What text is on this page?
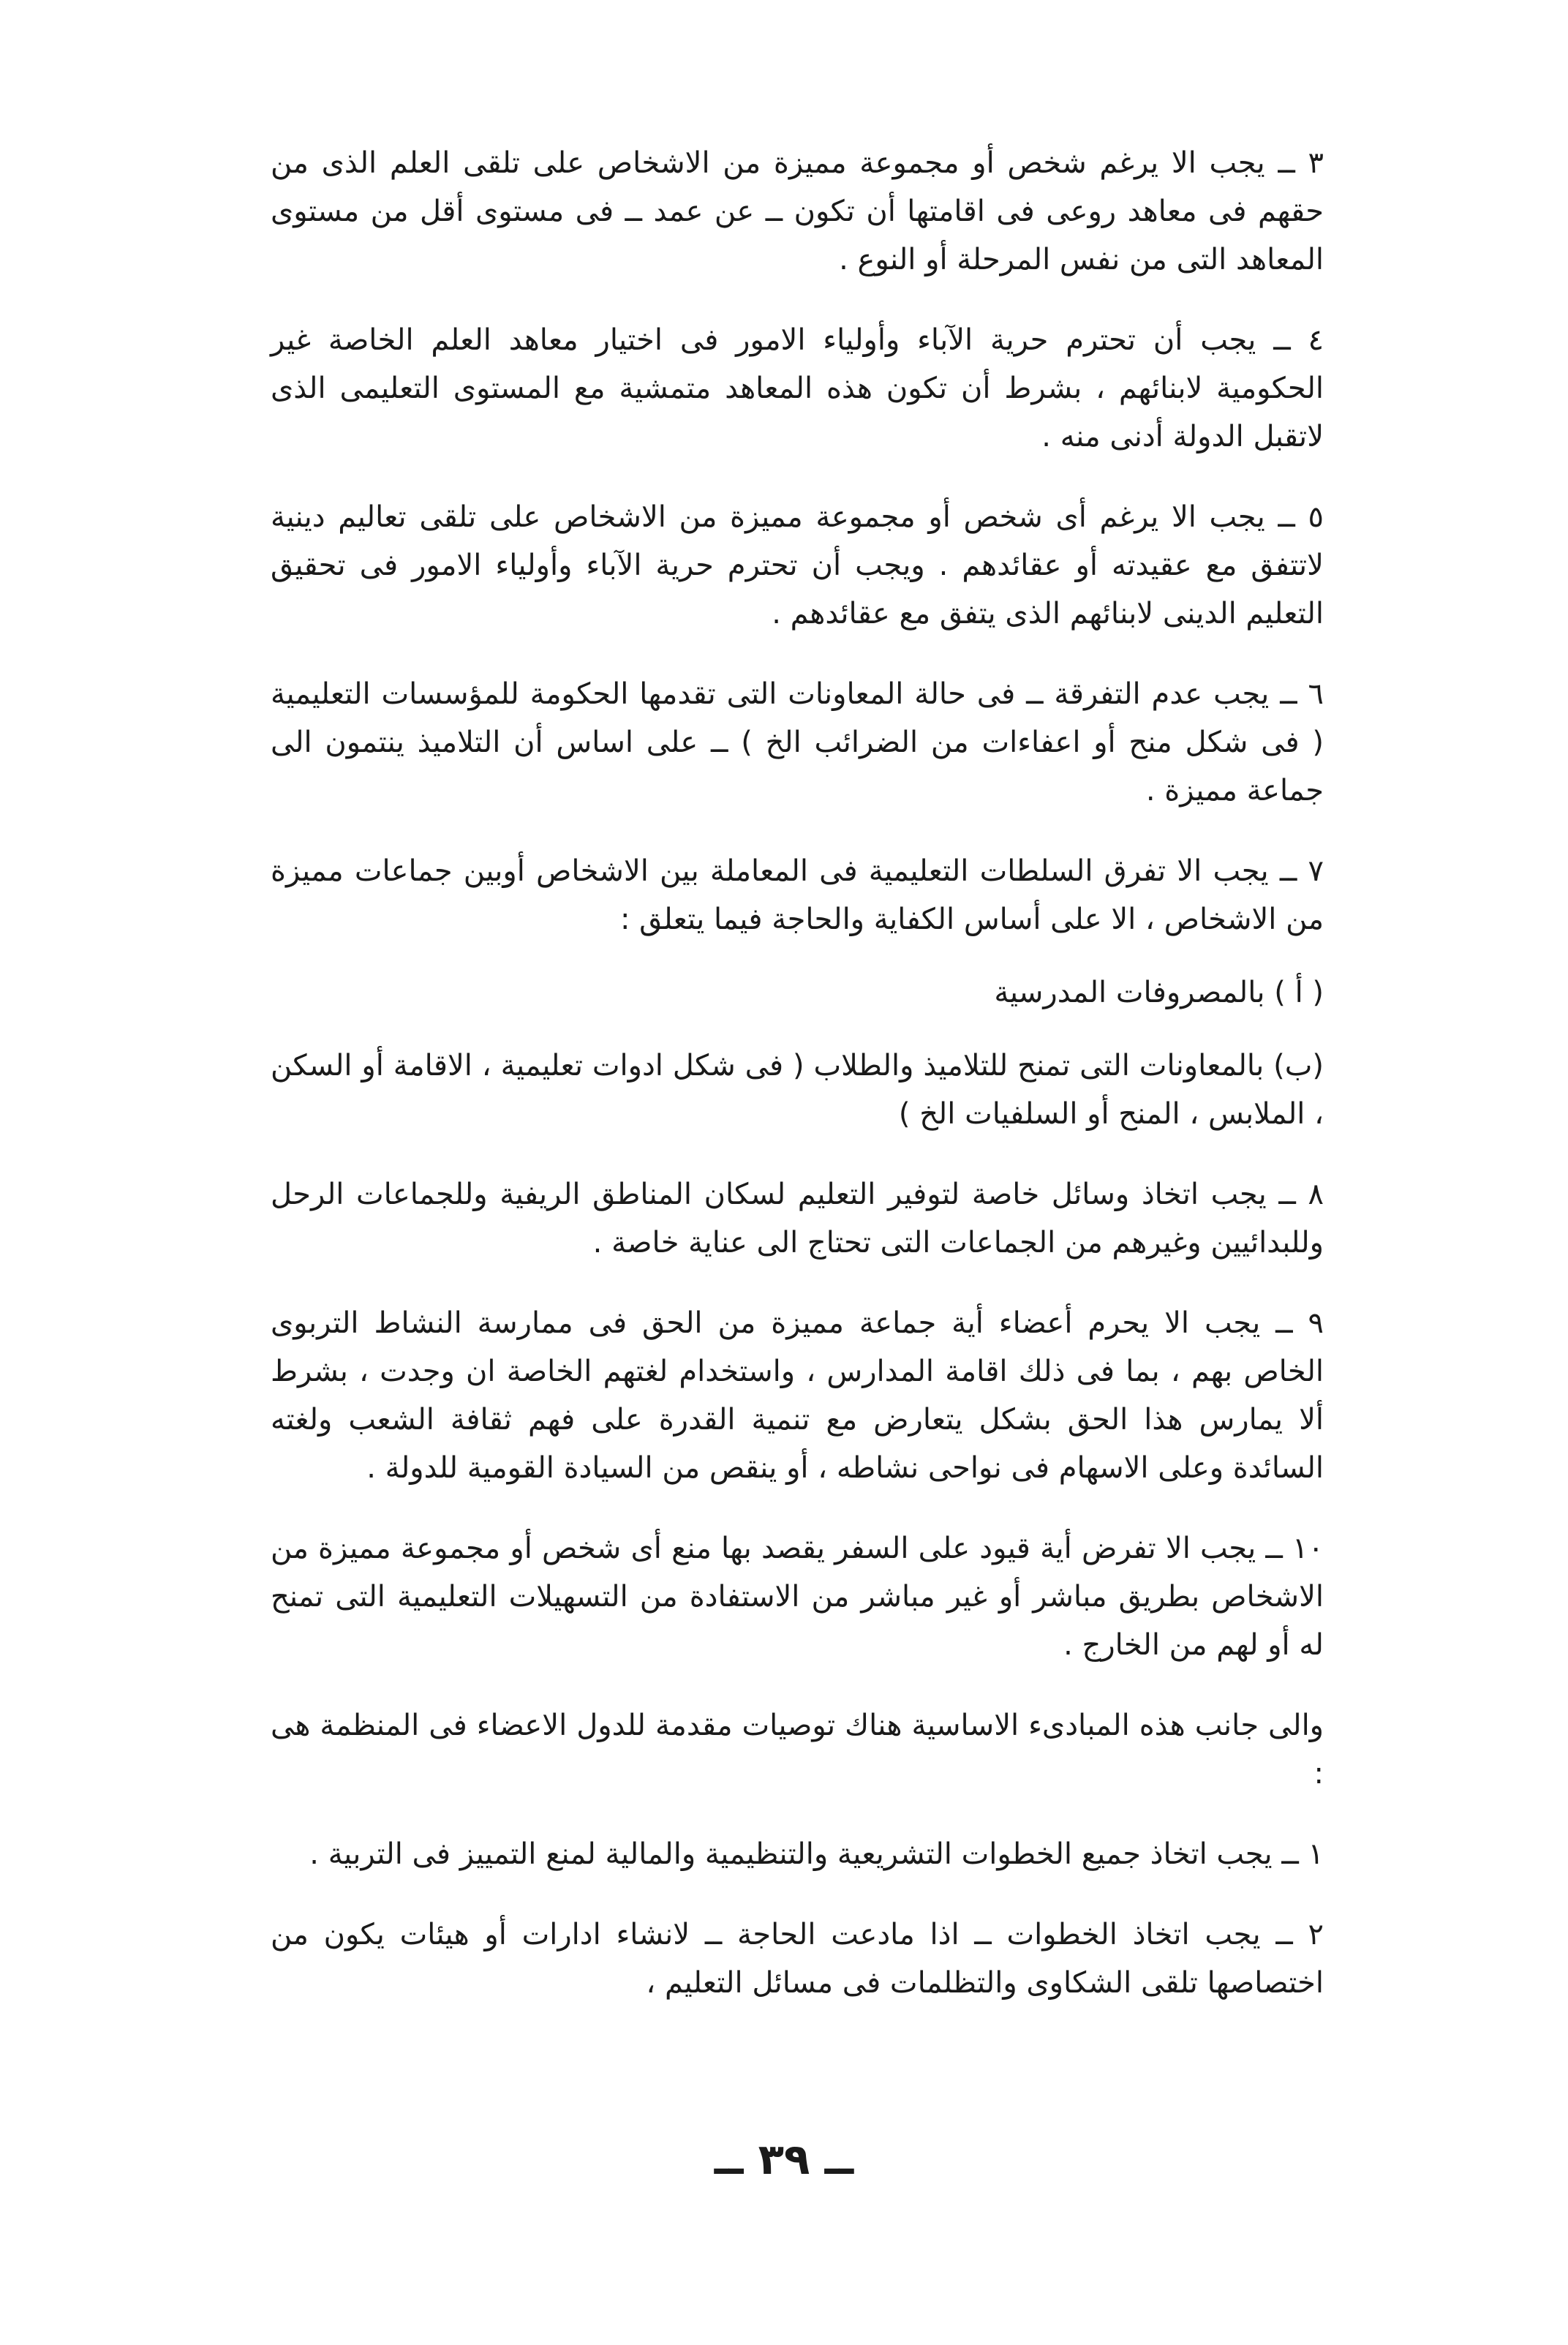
٣ ــ يجب الا يرغم شخص أو مجموعة مميزة من الاشخاص على تلقى العلم الذى من حقهم فى معاهد روعى فى اقامتها أن تكون ــ عن عمد ــ فى مستوى أقل من مستوى المعاهد التى من نفس المرحلة أو النوع .

٤ ــ يجب أن تحترم حرية الآباء وأولياء الامور فى اختيار معاهد العلم الخاصة غير الحكومية لابنائهم ، بشرط أن تكون هذه المعاهد متمشية مع المستوى التعليمى الذى لاتقبل الدولة أدنى منه .

٥ ــ يجب الا يرغم أى شخص أو مجموعة مميزة من الاشخاص على تلقى تعاليم دينية لاتتفق مع عقيدته أو عقائدهم . ويجب أن تحترم حرية الآباء وأولياء الامور فى تحقيق التعليم الدينى لابنائهم الذى يتفق مع عقائدهم .

٦ ــ يجب عدم التفرقة ــ فى حالة المعاونات التى تقدمها الحكومة للمؤسسات التعليمية ( فى شكل منح أو اعفاءات من الضرائب الخ ) ــ على اساس أن التلاميذ ينتمون الى جماعة مميزة .

٧ ــ يجب الا تفرق السلطات التعليمية فى المعاملة بين الاشخاص أوبين جماعات مميزة من الاشخاص ، الا على أساس الكفاية والحاجة فيما يتعلق :

( أ ) بالمصروفات المدرسية

(ب) بالمعاونات التى تمنح للتلاميذ والطلاب ( فى شكل ادوات تعليمية ، الاقامة أو السكن ، الملابس ، المنح أو السلفيات الخ )

٨ ــ يجب اتخاذ وسائل خاصة لتوفير التعليم لسكان المناطق الريفية وللجماعات الرحل وللبدائيين وغيرهم من الجماعات التى تحتاج الى عناية خاصة .

٩ ــ يجب الا يحرم أعضاء أية جماعة مميزة من الحق فى ممارسة النشاط التربوى الخاص بهم ، بما فى ذلك اقامة المدارس ، واستخدام لغتهم الخاصة ان وجدت ، بشرط ألا يمارس هذا الحق بشكل يتعارض مع تنمية القدرة على فهم ثقافة الشعب ولغته السائدة وعلى الاسهام فى نواحى نشاطه ، أو ينقص من السيادة القومية للدولة .

١٠ ــ يجب الا تفرض أية قيود على السفر يقصد بها منع أى شخص أو مجموعة مميزة من الاشخاص بطريق مباشر أو غير مباشر من الاستفادة من التسهيلات التعليمية التى تمنح له أو لهم من الخارج .

والى جانب هذه المبادىء الاساسية هناك توصيات مقدمة للدول الاعضاء فى المنظمة هى :

١ ــ يجب اتخاذ جميع الخطوات التشريعية والتنظيمية والمالية لمنع التمييز فى التربية .

٢ ــ يجب اتخاذ الخطوات ــ اذا مادعت الحاجة ــ لانشاء ادارات أو هيئات يكون من اختصاصها تلقى الشكاوى والتظلمات فى مسائل التعليم ،

ــ ٣٩ ــ
